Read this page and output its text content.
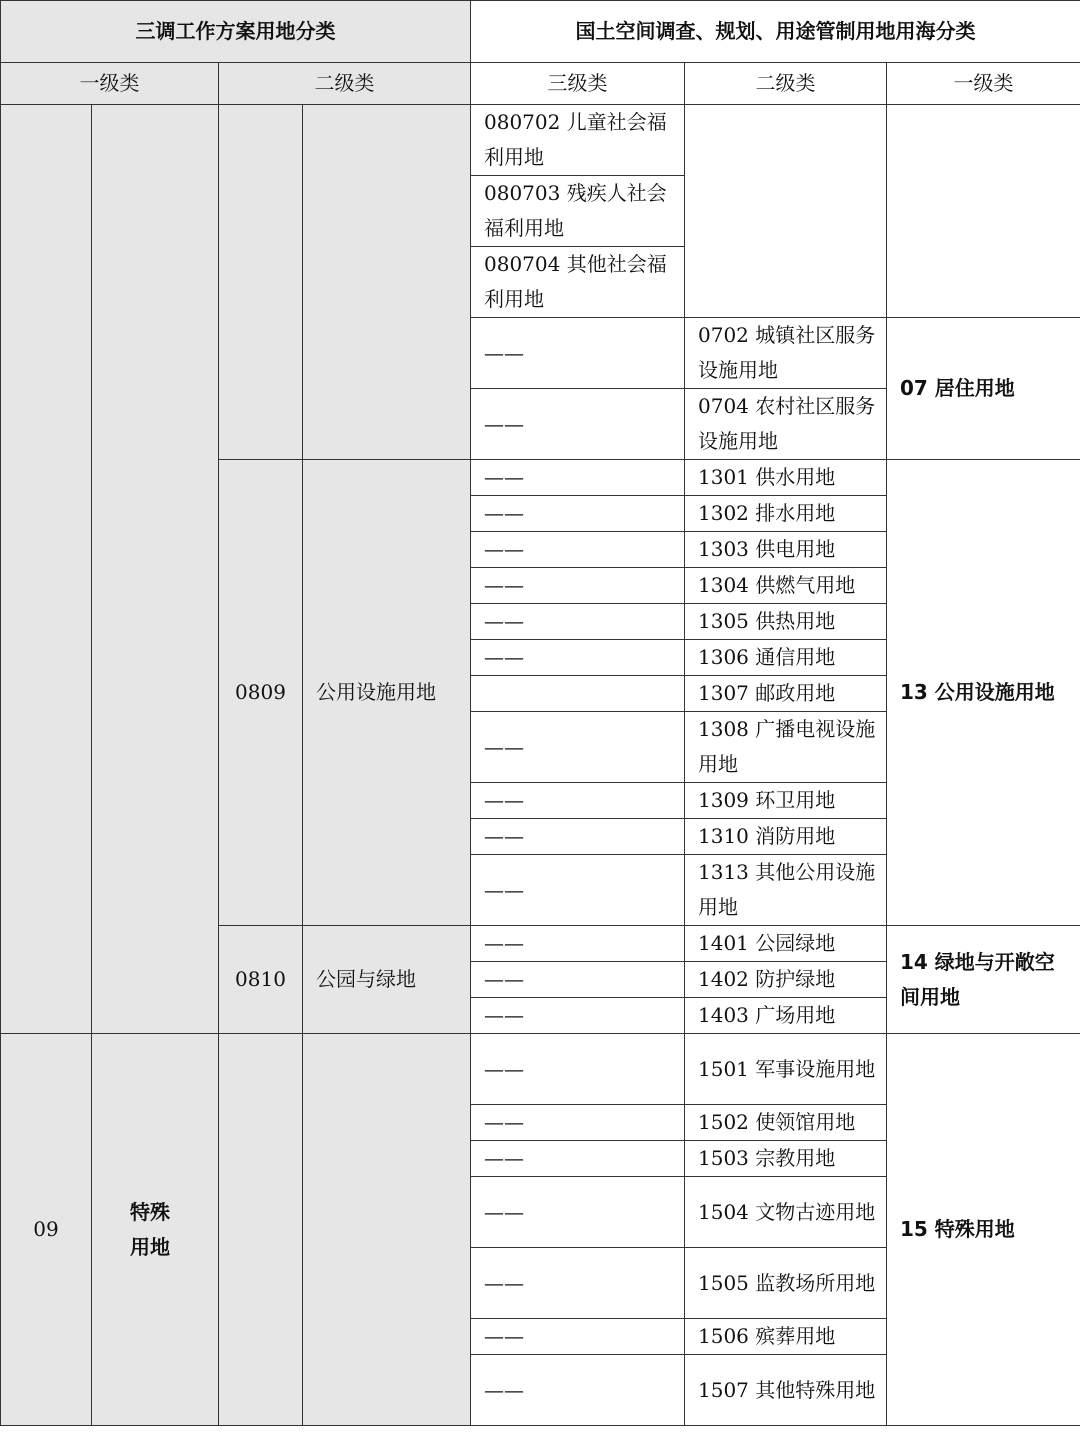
三调工作方案用地分类				国土空间调查、规划、用途管制用地用海分类		
一级类		二级类		三级类	二级类	一级类
				080702 儿童社会福利用地		
				080703 残疾人社会福利用地		
				080704 其他社会福利用地		
				——	0702 城镇社区服务设施用地	07 居住用地
				——	0704 农村社区服务设施用地	
		0809	公用设施用地	——	1301 供水用地	13 公用设施用地
				——	1302 排水用地	
				——	1303 供电用地	
				——	1304 供燃气用地	
				——	1305 供热用地	
				——	1306 通信用地	
					1307 邮政用地	
				——	1308 广播电视设施用地	

				——	1309 环卫用地	
				——	1310 消防用地	
				——	1313 其他公用设施用地	

		0810	公园与绿地	——	1401 公园绿地	14 绿地与开敞空间用地
				——	1402 防护绿地	
				——	1403 广场用地	
09	特殊用地			——	1501 军事设施用地	15 特殊用地
				——	1502 使领馆用地	
				——	1503 宗教用地	
				——	1504 文物古迹用地	
				——	1505 监教场所用地	
				——	1506 殡葬用地	
				——	1507 其他特殊用地	
